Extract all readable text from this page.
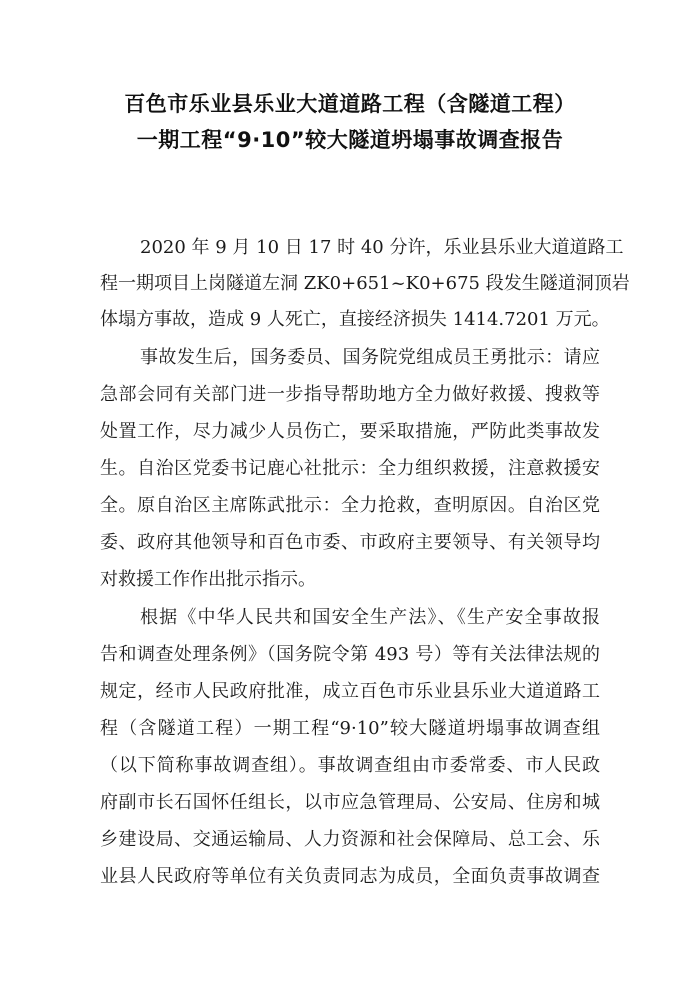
百色市乐业县乐业大道道路工程（含隧道工程）
一期工程“9·10”较大隧道坍塌事故调查报告
2020 年 9 月 10 日 17 时 40 分许，乐业县乐业大道道路工
程一期项目上岗隧道左洞 ZK0+651~K0+675 段发生隧道洞顶岩
体塌方事故，造成 9 人死亡，直接经济损失 1414.7201 万元。
事故发生后，国务委员、国务院党组成员王勇批示：请应
急部会同有关部门进一步指导帮助地方全力做好救援、搜救等
处置工作，尽力减少人员伤亡，要采取措施，严防此类事故发
生。自治区党委书记鹿心社批示：全力组织救援，注意救援安
全。原自治区主席陈武批示：全力抢救，查明原因。自治区党
委、政府其他领导和百色市委、市政府主要领导、有关领导均
对救援工作作出批示指示。
根据《中华人民共和国安全生产法》、《生产安全事故报
告和调查处理条例》（国务院令第 493 号）等有关法律法规的
规定，经市人民政府批准，成立百色市乐业县乐业大道道路工
程（含隧道工程）一期工程“9·10”较大隧道坍塌事故调查组
（以下简称事故调查组）。事故调查组由市委常委、市人民政
府副市长石国怀任组长，以市应急管理局、公安局、住房和城
乡建设局、交通运输局、人力资源和社会保障局、总工会、乐
业县人民政府等单位有关负责同志为成员，全面负责事故调查
